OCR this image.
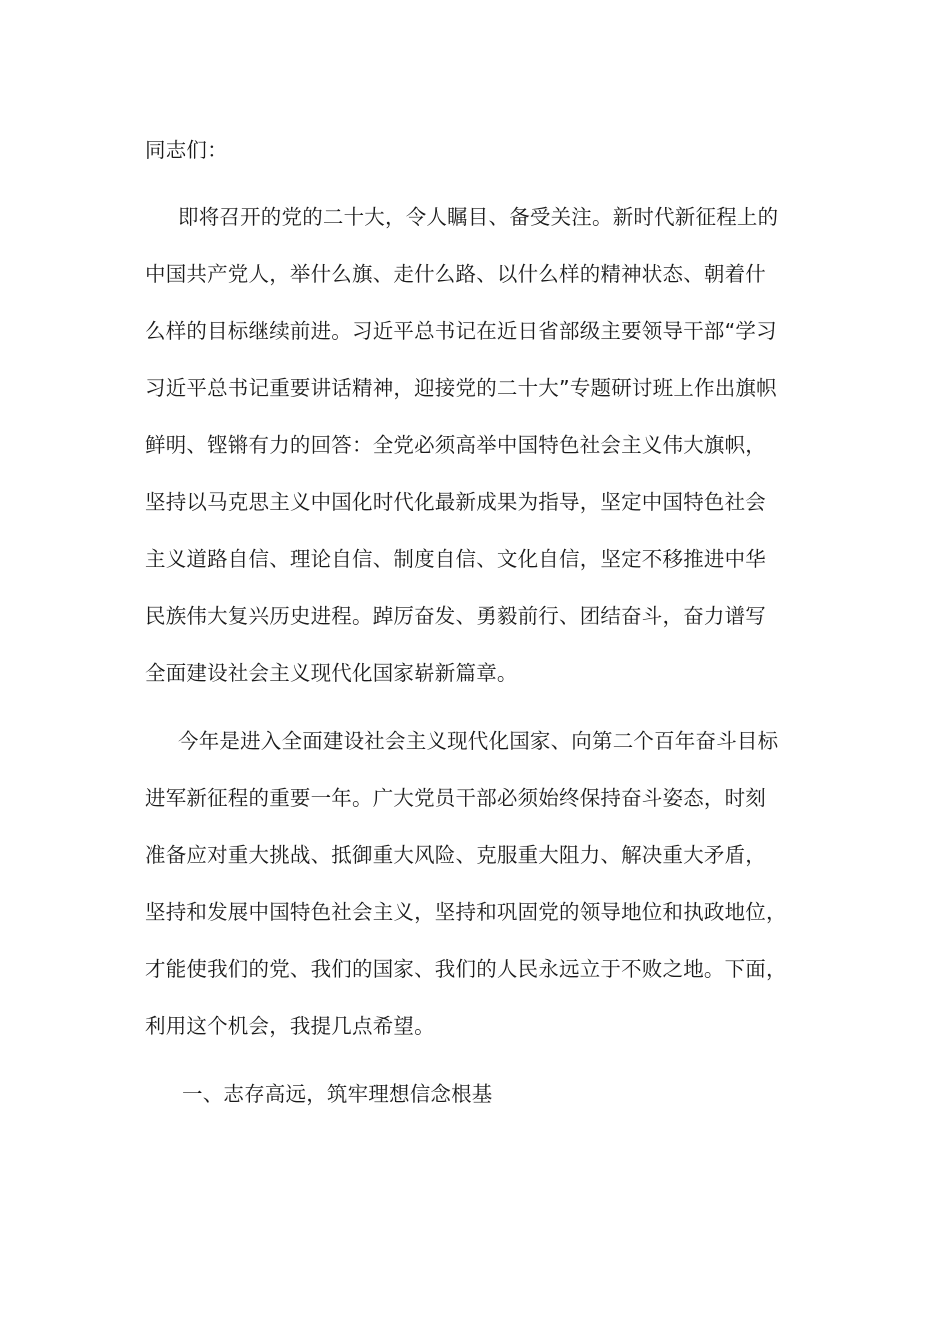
同志们：
即将召开的党的二十大，令人瞩目、备受关注。新时代新征程上的
中国共产党人，举什么旗、走什么路、以什么样的精神状态、朝着什
么样的目标继续前进。习近平总书记在近日省部级主要领导干部“学习
习近平总书记重要讲话精神，迎接党的二十大”专题研讨班上作出旗帜
鲜明、铿锵有力的回答：全党必须高举中国特色社会主义伟大旗帜，
坚持以马克思主义中国化时代化最新成果为指导，坚定中国特色社会
主义道路自信、理论自信、制度自信、文化自信，坚定不移推进中华
民族伟大复兴历史进程。踔厉奋发、勇毅前行、团结奋斗，奋力谱写
全面建设社会主义现代化国家崭新篇章。
今年是进入全面建设社会主义现代化国家、向第二个百年奋斗目标
进军新征程的重要一年。广大党员干部必须始终保持奋斗姿态，时刻
准备应对重大挑战、抵御重大风险、克服重大阻力、解决重大矛盾，
坚持和发展中国特色社会主义，坚持和巩固党的领导地位和执政地位，
才能使我们的党、我们的国家、我们的人民永远立于不败之地。下面，
利用这个机会，我提几点希望。
一、志存高远，筑牢理想信念根基
